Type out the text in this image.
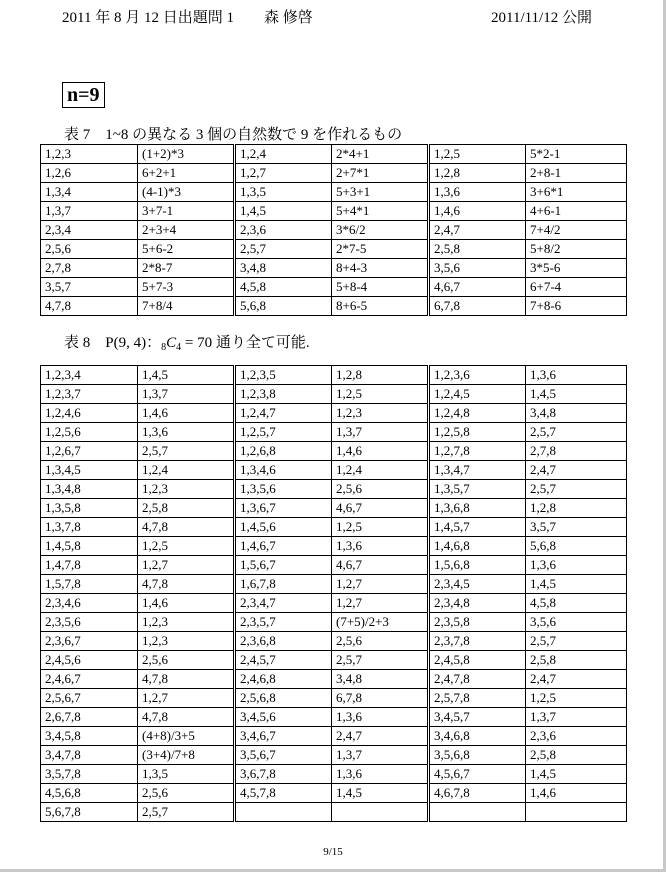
2011 年 8 月 12 日出題問 1　　森 修啓	2011/11/12 公開
n=9
表 7　1~8 の異なる 3 個の自然数で 9 を作れるもの
1,2,3	(1+2)*3	1,2,4	2*4+1	1,2,5	5*2-1
1,2,6	6+2+1	1,2,7	2+7*1	1,2,8	2+8-1
1,3,4	(4-1)*3	1,3,5	5+3+1	1,3,6	3+6*1
1,3,7	3+7-1	1,4,5	5+4*1	1,4,6	4+6-1
2,3,4	2+3+4	2,3,6	3*6/2	2,4,7	7+4/2
2,5,6	5+6-2	2,5,7	2*7-5	2,5,8	5+8/2
2,7,8	2*8-7	3,4,8	8+4-3	3,5,6	3*5-6
3,5,7	5+7-3	4,5,8	5+8-4	4,6,7	6+7-4
4,7,8	7+8/4	5,6,8	8+6-5	6,7,8	7+8-6
表 8　P(9, 4)：$_8C_4 = 70$ 通り全て可能.
1,2,3,4	1,4,5	1,2,3,5	1,2,8	1,2,3,6	1,3,6
1,2,3,7	1,3,7	1,2,3,8	1,2,5	1,2,4,5	1,4,5
1,2,4,6	1,4,6	1,2,4,7	1,2,3	1,2,4,8	3,4,8
1,2,5,6	1,3,6	1,2,5,7	1,3,7	1,2,5,8	2,5,7
1,2,6,7	2,5,7	1,2,6,8	1,4,6	1,2,7,8	2,7,8
1,3,4,5	1,2,4	1,3,4,6	1,2,4	1,3,4,7	2,4,7
1,3,4,8	1,2,3	1,3,5,6	2,5,6	1,3,5,7	2,5,7
1,3,5,8	2,5,8	1,3,6,7	4,6,7	1,3,6,8	1,2,8
1,3,7,8	4,7,8	1,4,5,6	1,2,5	1,4,5,7	3,5,7
1,4,5,8	1,2,5	1,4,6,7	1,3,6	1,4,6,8	5,6,8
1,4,7,8	1,2,7	1,5,6,7	4,6,7	1,5,6,8	1,3,6
1,5,7,8	4,7,8	1,6,7,8	1,2,7	2,3,4,5	1,4,5
2,3,4,6	1,4,6	2,3,4,7	1,2,7	2,3,4,8	4,5,8
2,3,5,6	1,2,3	2,3,5,7	(7+5)/2+3	2,3,5,8	3,5,6
2,3,6,7	1,2,3	2,3,6,8	2,5,6	2,3,7,8	2,5,7
2,4,5,6	2,5,6	2,4,5,7	2,5,7	2,4,5,8	2,5,8
2,4,6,7	4,7,8	2,4,6,8	3,4,8	2,4,7,8	2,4,7
2,5,6,7	1,2,7	2,5,6,8	6,7,8	2,5,7,8	1,2,5
2,6,7,8	4,7,8	3,4,5,6	1,3,6	3,4,5,7	1,3,7
3,4,5,8	(4+8)/3+5	3,4,6,7	2,4,7	3,4,6,8	2,3,6
3,4,7,8	(3+4)/7+8	3,5,6,7	1,3,7	3,5,6,8	2,5,8
3,5,7,8	1,3,5	3,6,7,8	1,3,6	4,5,6,7	1,4,5
4,5,6,8	2,5,6	4,5,7,8	1,4,5	4,6,7,8	1,4,6
5,6,7,8	2,5,7				
9/15
